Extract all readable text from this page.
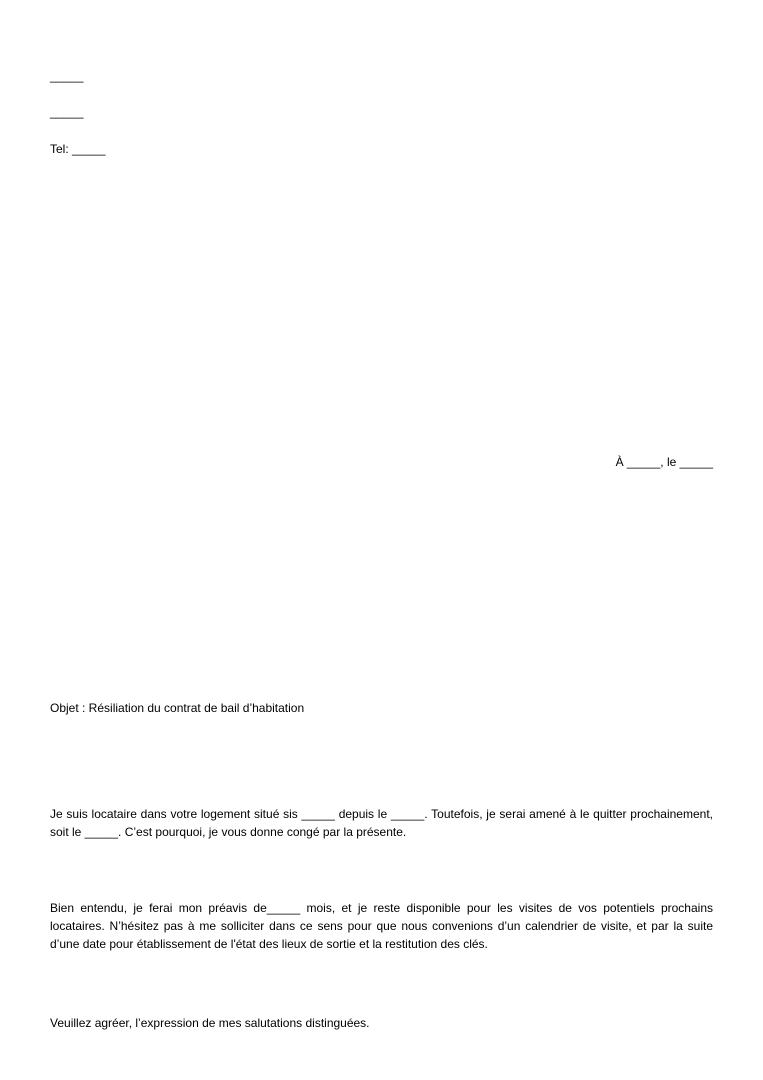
_____
_____
Tel: _____
À _____, le _____
Objet : Résiliation du contrat de bail d’habitation
Je suis locataire dans votre logement situé sis _____ depuis le _____. Toutefois, je serai amené à le quitter prochainement, soit le _____. C’est pourquoi, je vous donne congé par la présente.
Bien entendu, je ferai mon préavis de_____ mois, et je reste disponible pour les visites de vos potentiels prochains locataires. N’hésitez pas à me solliciter dans ce sens pour que nous convenions d’un calendrier de visite, et par la suite d’une date pour établissement de l'état des lieux de sortie et la restitution des clés.
Veuillez agréer, l’expression de mes salutations distinguées.
